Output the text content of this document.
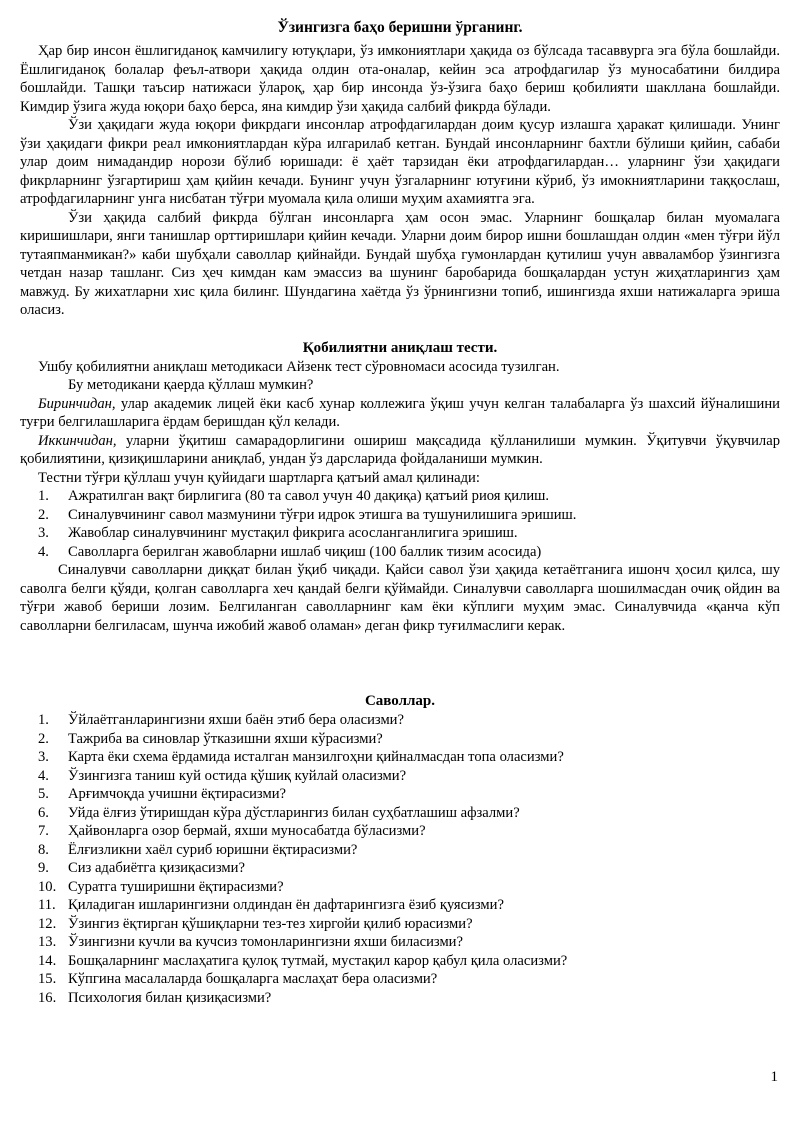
Ўзингизга баҳо беришни ўрганинг.

Ҳар бир инсон ёшлигиданоқ камчилигу ютуқлари, ўз имкониятлари ҳақида оз бўлсада тасаввурга эга бўла бошлайди. Ёшлигиданоқ болалар феъл-атвори ҳақида олдин ота-оналар, кейин эса атрофдагилар ўз муносабатини билдира бошлайди. Ташқи таъсир натижаси ўлароқ, ҳар бир инсонда ўз-ўзига баҳо бериш қобилияти шаклланa бошлайди. Кимдир ўзига жуда юқори баҳо берса, яна кимдир ўзи ҳақида салбий фикрда бўлади.

Ўзи ҳақидаги жуда юқори фикрдаги инсонлар атрофдагилардан доим қусур излашга ҳаракат қилишади. Унинг ўзи ҳақидаги фикри реал имкониятлардан кўра илгарилаб кетган. Бундай инсонларнинг бахтли бўлиши қийин, сабаби улар доим нимадандир норози бўлиб юришади: ё ҳаёт тарзидан ёки атрофдагилардан… уларнинг ўзи ҳақидаги фикрларнинг ўзгартириш ҳам қийин кечади. Бунинг учун ўзгаларнинг ютуғини кўриб, ўз имокниятларини таққослаш, атрофдагиларнинг унга нисбатан тўғри муомала қила олиши муҳим ахамиятга эга.

Ўзи ҳақида салбий фикрда бўлган инсонларга ҳам осон эмас. Уларнинг бошқалар билан муомалага киришишлари, янги танишлар орттиришлари қийин кечади. Уларни доим бирор ишни бошлашдан олдин «мен тўғри йўл тутаяпманмикан?» каби шубҳали саволлар қийнайди. Бундай шубҳа гумонлардан қутилиш учун авваламбор ўзингизга четдан назар ташланг. Сиз ҳеч кимдан кам эмассиз ва шунинг баробарида бошқалардан устун жиҳатларингиз ҳам мавжуд. Бу жихатларни хис қила билинг. Шундагина хаётда ўз ўрнингизни топиб, ишингизда яхши натижаларга эриша оласиз.

Қобилиятни аниқлаш тести.

Ушбу қобилиятни аниқлаш методикаси Айзенк тест сўровномаси асосида тузилган.

Бу методикани қаерда қўллаш мумкин?

Биринчидан, улар академик лицей ёки касб хунар коллежига ўқиш учун келган талабаларга ўз шахсий йўналишини туғри белгилашларига ёрдам беришдан қўл келади.

Иккинчидан, уларни ўқитиш самарадорлигини ошириш мақсадида қўлланилиши мумкин. Ўқитувчи ўқувчилар қобилиятини, қизиқишларини аниқлаб, ундан ўз дарсларида фойдаланиши мумкин.

Тестни тўғри қўллаш учун қуйидаги шартларга қатъий амал қилинади:

1. Ажратилган вақт бирлигига (80 та савол учун 40 дақиқа) қатъий риоя қилиш.
2. Синалувчининг савол мазмунини тўғри идрок этишга ва тушунилишига эришиш.
3. Жавоблар синалувчининг мустақил фикрига асосланганлигига эришиш.
4. Саволларга берилган жавобларни ишлаб чиқиш (100 баллик тизим асосида)

Синалувчи саволларни диққат билан ўқиб чиқади. Қайси савол ўзи ҳақида кетаётганига ишонч ҳосил қилса, шу саволга белги қўяди, қолган саволларга хеч қандай белги қўймайди. Синалувчи саволларга шошилмасдан очиқ ойдин ва тўғри жавоб бериши лозим. Белгиланган саволларнинг кам ёки кўплиги муҳим эмас. Синалувчида «қанча кўп саволларни белгиласам, шунча ижобий жавоб оламан» деган фикр туғилмаслиги керак.

Саволлар.
1. Ўйлаётганларингизни яхши баён этиб бера оласизми?
2. Тажриба ва синовлар ўтказишни яхши кўрасизми?
3. Карта ёки схема ёрдамида исталган манзилгоҳни қийналмасдан топа оласизми?
4. Ўзингизга таниш куй остида қўшиқ куйлай оласизми?
5. Арғимчоқда учишни ёқтирасизми?
6. Уйда ёлғиз ўтиришдан кўра дўстларингиз билан суҳбатлашиш афзалми?
7. Ҳайвонларга озор бермай, яхши муносабатда бўласизми?
8. Ёлғизликни хаёл суриб юришни ёқтирасизми?
9. Сиз адабиётга қизиқасизми?
10. Суратга туширишни ёқтирасизми?
11. Қиладиган ишларингизни олдиндан ён дафтарингизга ёзиб қуясизми?
12. Ўзингиз ёқтирган қўшиқларни тез-тез хиргойи қилиб юрасизми?
13. Ўзингизни кучли ва кучсиз томонларингизни яхши биласизми?
14. Бошқаларнинг маслаҳатига қулоқ тутмай, мустақил карор қабул қила оласизми?
15. Кўпгина масалаларда бошқаларга маслаҳат бера оласизми?
16. Психология билан қизиқасизми?
1
